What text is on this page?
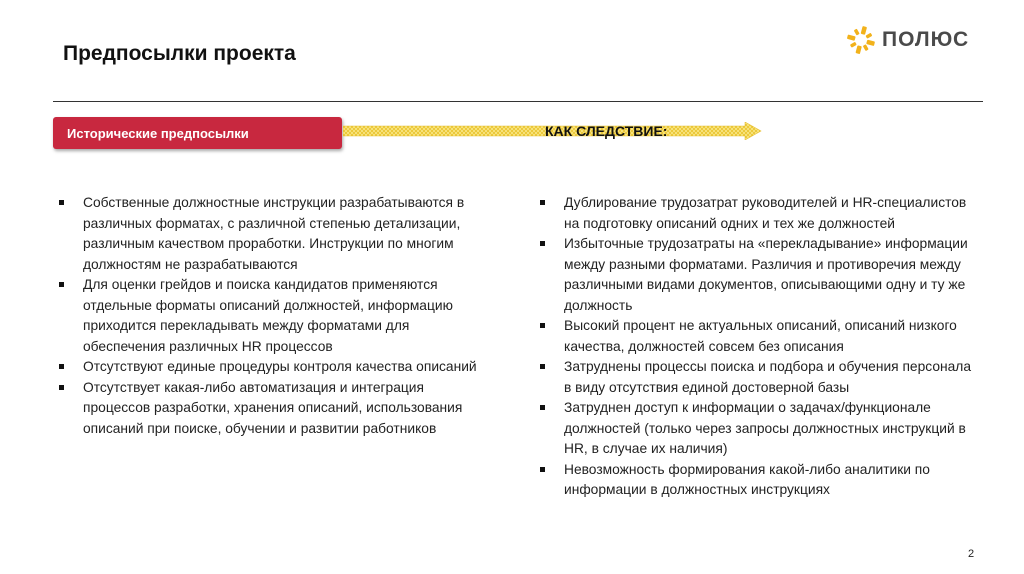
Предпосылки проекта
ПОЛЮС
Исторические предпосылки	КАК СЛЕДСТВИЕ:
Собственные должностные инструкции разрабатываются в различных форматах, с различной степенью детализации, различным качеством проработки. Инструкции по многим должностям не разрабатываются
Для оценки грейдов и поиска кандидатов применяются отдельные форматы описаний должностей, информацию приходится перекладывать между форматами для обеспечения различных HR процессов
Отсутствуют единые процедуры контроля качества описаний
Отсутствует какая-либо автоматизация и интеграция процессов разработки, хранения описаний, использования описаний при поиске, обучении и развитии работников
Дублирование трудозатрат руководителей и HR-специалистов на подготовку описаний одних и тех же должностей
Избыточные трудозатраты на «перекладывание» информации между разными форматами. Различия и противоречия между различными видами документов, описывающими одну и ту же должность
Высокий процент не актуальных описаний, описаний низкого качества, должностей совсем без описания
Затруднены процессы поиска и подбора и обучения персонала в виду отсутствия единой достоверной базы
Затруднен доступ к информации о задачах/функционале должностей (только через запросы должностных инструкций в HR, в случае их наличия)
Невозможность формирования какой-либо аналитики по информации в должностных инструкциях
2
